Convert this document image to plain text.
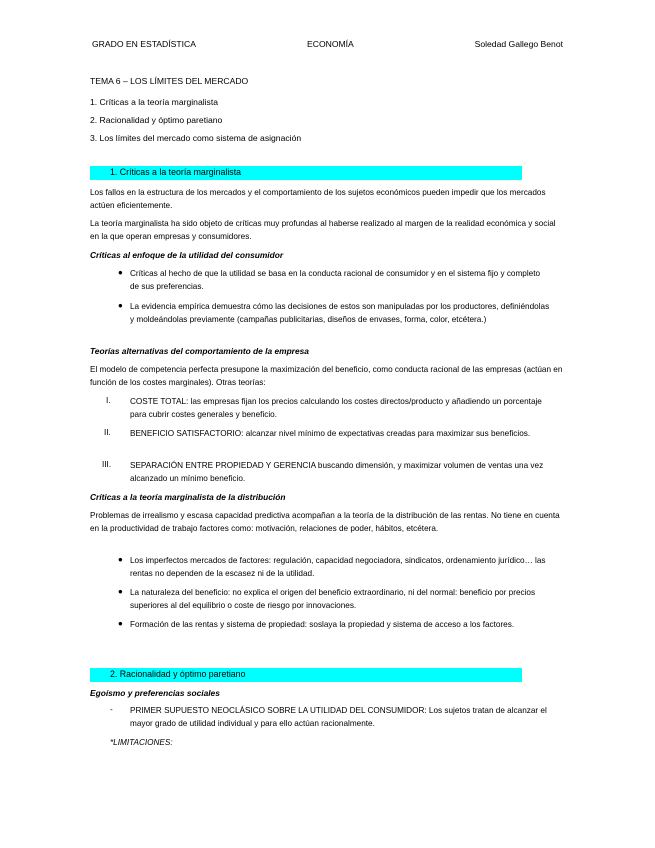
GRADO EN ESTADÍSTICA	ECONOMÍA	Soledad Gallego Benot
TEMA 6 – LOS LÍMITES DEL MERCADO
1. Críticas a la teoría marginalista
2. Racionalidad y óptimo paretiano
3. Los límites del mercado como sistema de asignación
1. Críticas a la teoría marginalista
Los fallos en la estructura de los mercados y el comportamiento de los sujetos económicos pueden impedir que los mercados actúen eficientemente.
La teoría marginalista ha sido objeto de críticas muy profundas al haberse realizado al margen de la realidad económica y social en la que operan empresas y consumidores.
Críticas al enfoque de la utilidad del consumidor
● Críticas al hecho de que la utilidad se basa en la conducta racional de consumidor y en el sistema fijo y completo de sus preferencias.
● La evidencia empírica demuestra cómo las decisiones de estos son manipuladas por los productores, definiéndolas y moldeándolas previamente (campañas publicitarias, diseños de envases, forma, color, etcétera.)
Teorías alternativas del comportamiento de la empresa
El modelo de competencia perfecta presupone la maximización del beneficio, como conducta racional de las empresas (actúan en función de los costes marginales). Otras teorías:
I. COSTE TOTAL: las empresas fijan los precios calculando los costes directos/producto y añadiendo un porcentaje para cubrir costes generales y beneficio.
II. BENEFICIO SATISFACTORIO: alcanzar nivel mínimo de expectativas creadas para maximizar sus beneficios.
III. SEPARACIÓN ENTRE PROPIEDAD Y GERENCIA buscando dimensión, y maximizar volumen de ventas una vez alcanzado un mínimo beneficio.
Críticas a la teoría marginalista de la distribución
Problemas de irrealismo y escasa capacidad predictiva acompañan a la teoría de la distribución de las rentas. No tiene en cuenta en la productividad de trabajo factores como: motivación, relaciones de poder, hábitos, etcétera.
● Los imperfectos mercados de factores: regulación, capacidad negociadora, sindicatos, ordenamiento jurídico… las rentas no dependen de la escasez ni de la utilidad.
● La naturaleza del beneficio: no explica el origen del beneficio extraordinario, ni del normal: beneficio por precios superiores al del equilibrio o coste de riesgo por innovaciones.
● Formación de las rentas y sistema de propiedad: soslaya la propiedad y sistema de acceso a los factores.
2. Racionalidad y óptimo paretiano
Egoísmo y preferencias sociales
- PRIMER SUPUESTO NEOCLÁSICO SOBRE LA UTILIDAD DEL CONSUMIDOR: Los sujetos tratan de alcanzar el mayor grado de utilidad individual y para ello actúan racionalmente.
*LIMITACIONES:
